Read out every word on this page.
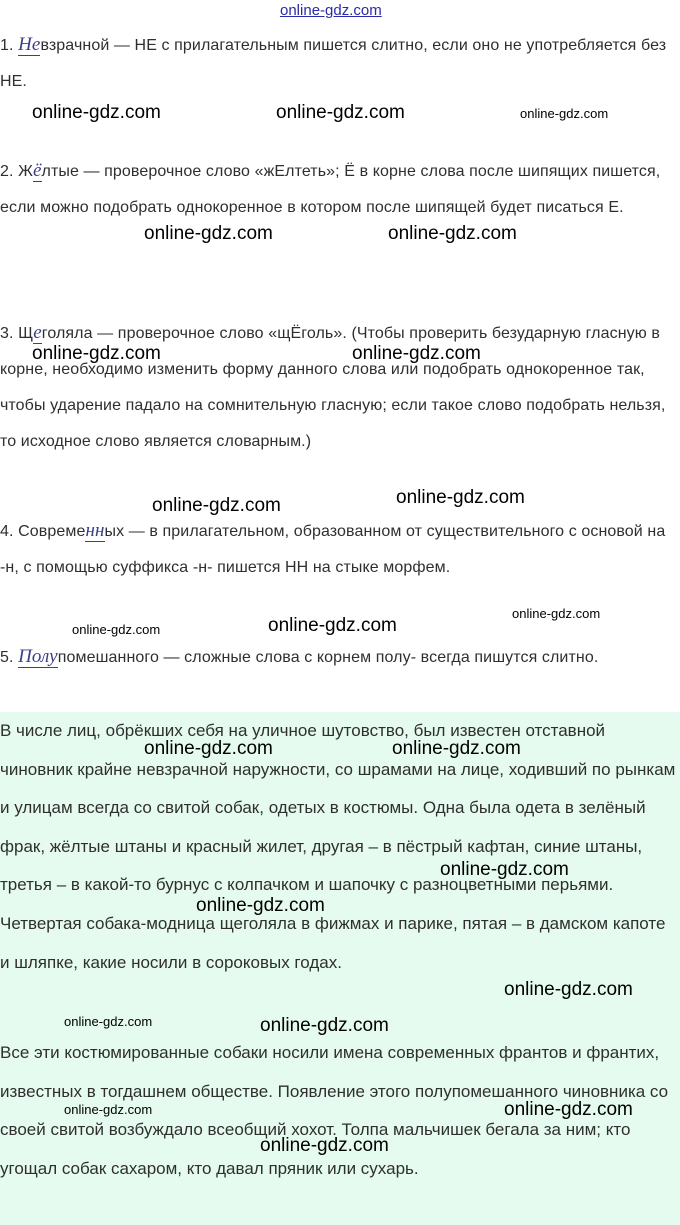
online-gdz.com

1. Невзрачной — НЕ с прилагательным пишется слитно, если оно не употребляется без НЕ.

2. Жёлтые — проверочное слово «жЕлтеть»; Ё в корне слова после шипящих пишется, если можно подобрать однокоренное в котором после шипящей будет писаться Е.

3. Щеголяла — проверочное слово «щЁголь». (Чтобы проверить безударную гласную в корне, необходимо изменить форму данного слова или подобрать однокоренное так, чтобы ударение падало на сомнительную гласную; если такое слово подобрать нельзя, то исходное слово является словарным.)

4. Современных — в прилагательном, образованном от существительного с основой на -н, с помощью суффикса -н- пишется НН на стыке морфем.

5. Полупомешанного — сложные слова с корнем полу- всегда пишутся слитно.

В числе лиц, обрёкших себя на уличное шутовство, был известен отставной чиновник крайне невзрачной наружности, со шрамами на лице, ходивший по рынкам и улицам всегда со свитой собак, одетых в костюмы. Одна была одета в зелёный фрак, жёлтые штаны и красный жилет, другая – в пёстрый кафтан, синие штаны, третья – в какой-то бурнус с колпачком и шапочку с разноцветными перьями. Четвертая собака-модница щеголяла в фижмах и парике, пятая – в дамском капоте и шляпке, какие носили в сороковых годах.

Все эти костюмированные собаки носили имена современных франтов и франтих, известных в тогдашнем обществе. Появление этого полупомешанного чиновника со своей свитой возбуждало всеобщий хохот. Толпа мальчишек бегала за ним; кто угощал собак сахаром, кто давал пряник или сухарь.

online-gdz.com	online-gdz.com	online-gdz.com
online-gdz.com	online-gdz.com
online-gdz.com	online-gdz.com
online-gdz.com	online-gdz.com
online-gdz.com
online-gdz.com	online-gdz.com
online-gdz.com	online-gdz.com
online-gdz.com
online-gdz.com
online-gdz.com
online-gdz.com	online-gdz.com
online-gdz.com	online-gdz.com
online-gdz.com
